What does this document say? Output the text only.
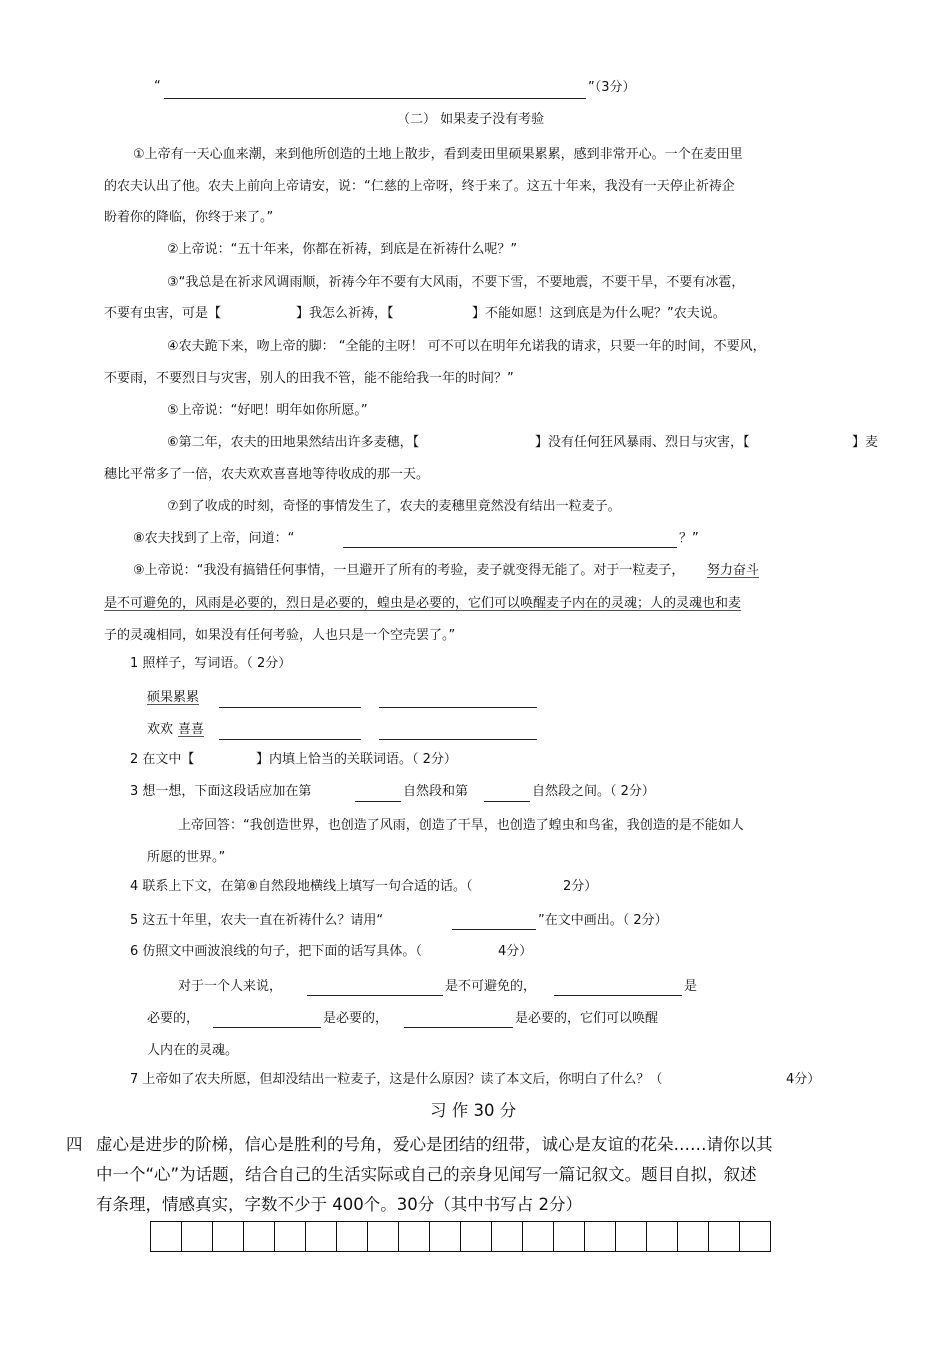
“	”（3分）
（二） 如果麦子没有考验
①上帝有一天心血来潮，来到他所创造的土地上散步，看到麦田里硕果累累，感到非常开心。一个在麦田里
的农夫认出了他。农夫上前向上帝请安，说：“仁慈的上帝呀，终于来了。这五十年来，我没有一天停止祈祷企
盼着你的降临，你终于来了。”
②上帝说：“五十年来，你都在祈祷，到底是在祈祷什么呢？”
③“我总是在祈求风调雨顺，祈祷今年不要有大风雨，不要下雪，不要地震，不要干旱，不要有冰雹，
不要有虫害，可是【	】我怎么祈祷，【	】不能如愿！这到底是为什么呢？”农夫说。
④农夫跪下来，吻上帝的脚： “全能的主呀！ 可不可以在明年允诺我的请求，只要一年的时间，不要风，
不要雨，不要烈日与灾害，别人的田我不管，能不能给我一年的时间？”
⑤上帝说：“好吧！明年如你所愿。”
⑥第二年，农夫的田地果然结出许多麦穗，【	】没有任何狂风暴雨、烈日与灾害，【	】麦
穗比平常多了一倍，农夫欢欢喜喜地等待收成的那一天。
⑦到了收成的时刻，奇怪的事情发生了，农夫的麦穗里竟然没有结出一粒麦子。
⑧农夫找到了上帝，问道：“	？”
⑨上帝说：“我没有搞错任何事情，一旦避开了所有的考验，麦子就变得无能了。对于一粒麦子， 努力奋斗
是不可避免的，风雨是必要的，烈日是必要的，蝗虫是必要的，它们可以唤醒麦子内在的灵魂；人的灵魂也和麦
子的灵魂相同，如果没有任何考验，人也只是一个空壳罢了。”
1 照样子，写词语。（ 2分）
硕果累累
欢欢 喜喜
2 在文中【	】内填上恰当的关联词语。（ 2分）
3 想一想，下面这段话应加在第	自然段和第	自然段之间。（ 2分）
上帝回答：“我创造世界，也创造了风雨，创造了干旱，也创造了蝗虫和鸟雀，我创造的是不能如人
所愿的世界。”
4 联系上下文，在第⑧自然段地横线上填写一句合适的话。（	2分）
5 这五十年里，农夫一直在祈祷什么？请用“	”在文中画出。（ 2分）
6 仿照文中画波浪线的句子，把下面的话写具体。（	4分）
对于一个人来说，	是不可避免的，	是
必要的，	是必要的，	是必要的，它们可以唤醒
人内在的灵魂。
7 上帝如了农夫所愿，但却没结出一粒麦子，这是什么原因？读了本文后，你明白了什么？（	4分）
习 作 30 分
四 虚心是进步的阶梯，信心是胜利的号角，爱心是团结的纽带，诚心是友谊的花朵……请你以其
中一个“心”为话题，结合自己的生活实际或自己的亲身见闻写一篇记叙文。题目自拟，叙述
有条理，情感真实，字数不少于 400个。30分（其中书写占 2分）
